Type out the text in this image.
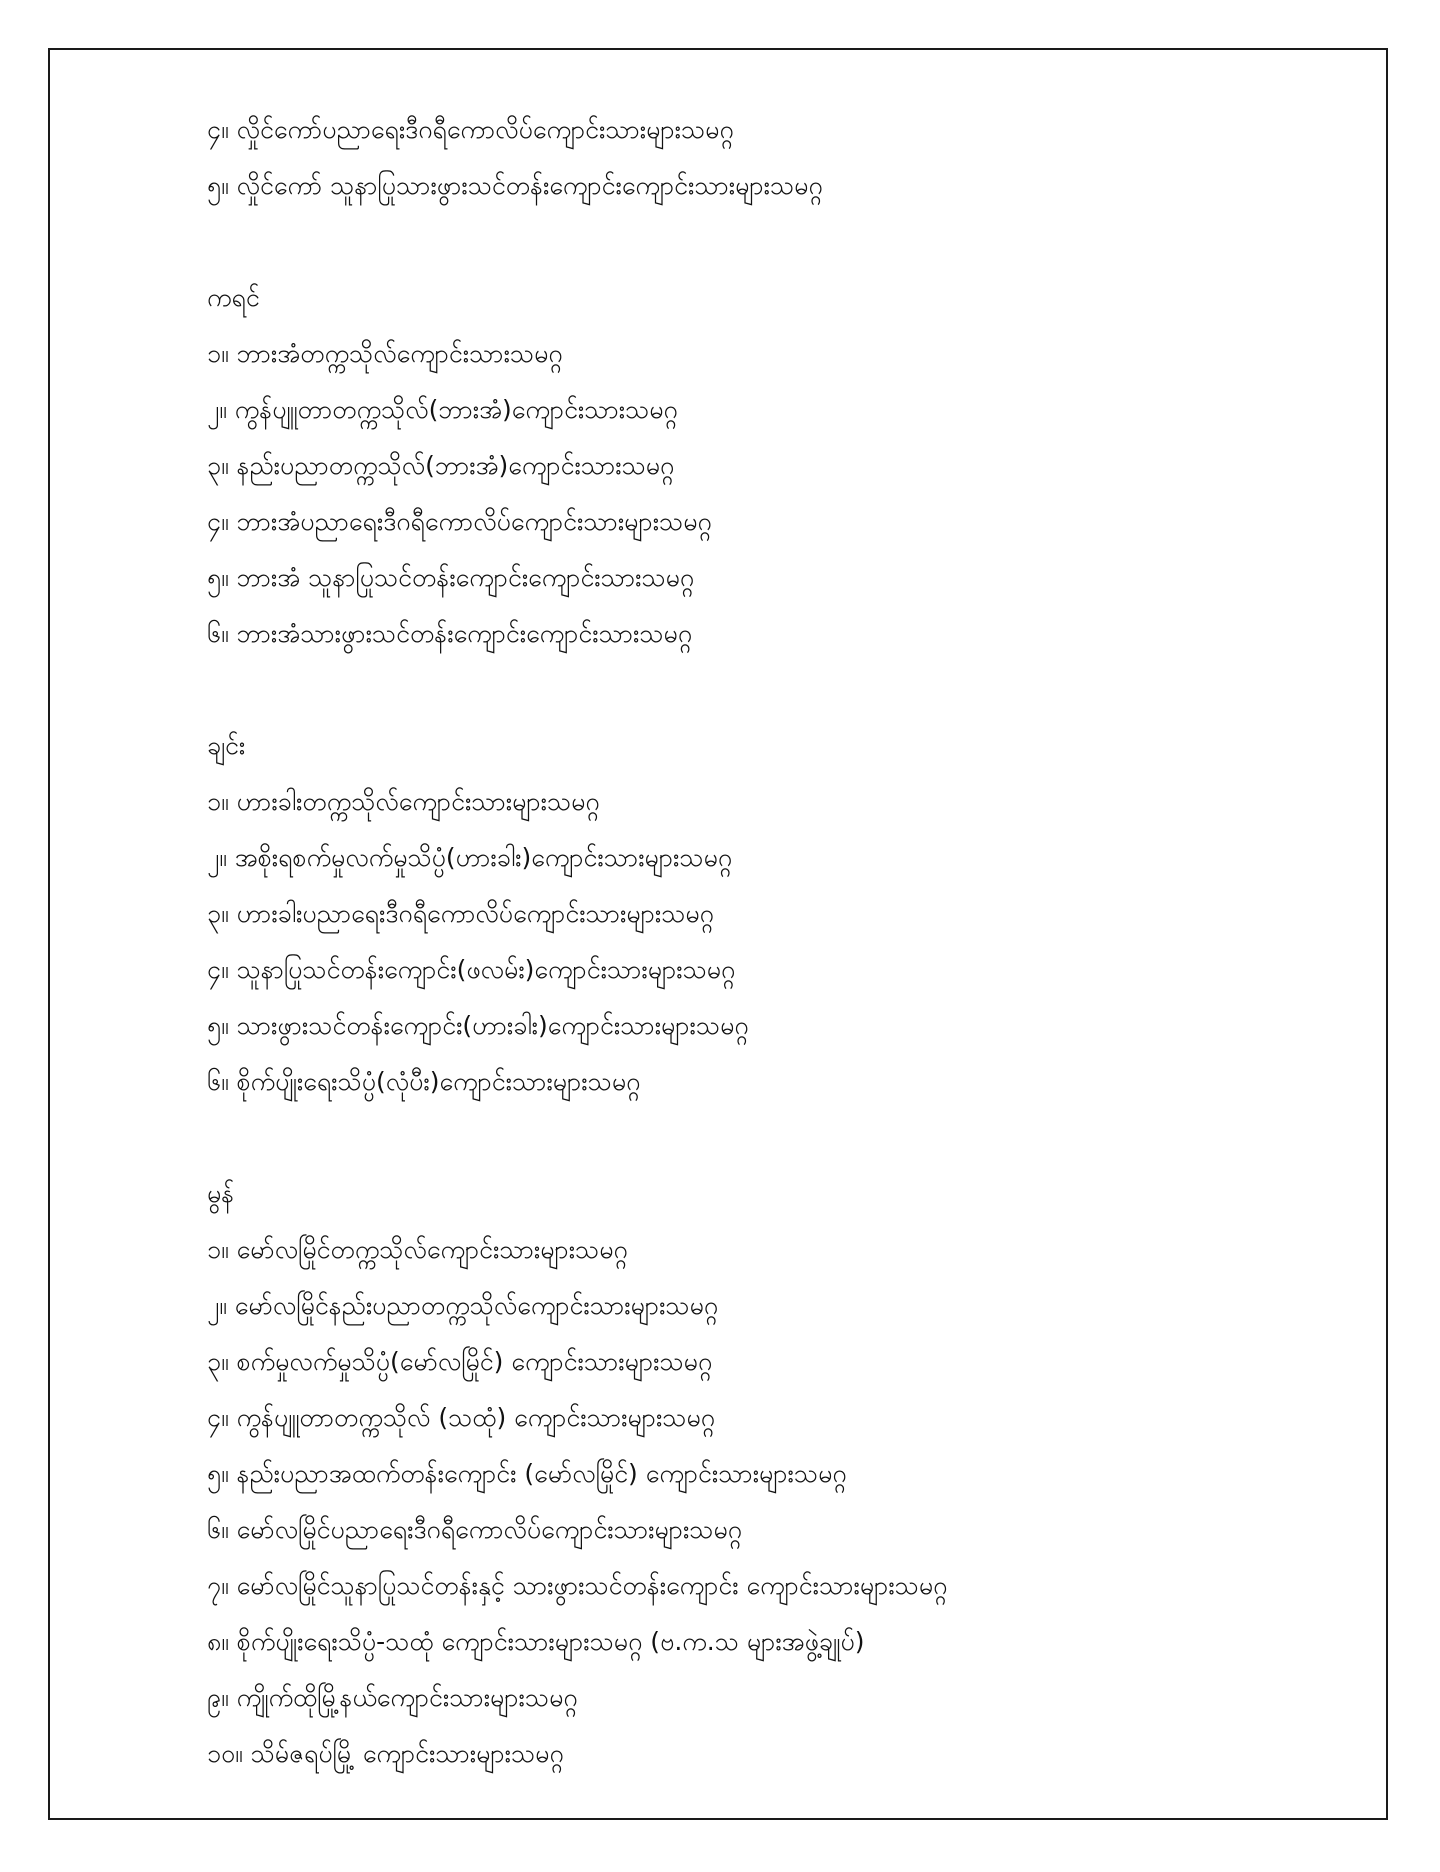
၄။ လှိုင်ကော်ပညာရေးဒီဂရီကောလိပ်ကျောင်းသားများသမဂ္ဂ
၅။ လှိုင်ကော် သူနာပြုသားဖွားသင်တန်းကျောင်းကျောင်းသားများသမဂ္ဂ
ကရင်
၁။ ဘားအံတက္ကသိုလ်ကျောင်းသားသမဂ္ဂ
၂။ ကွန်ပျူတာတက္ကသိုလ်(ဘားအံ)ကျောင်းသားသမဂ္ဂ
၃။ နည်းပညာတက္ကသိုလ်(ဘားအံ)ကျောင်းသားသမဂ္ဂ
၄။ ဘားအံပညာရေးဒီဂရီကောလိပ်ကျောင်းသားများသမဂ္ဂ
၅။ ဘားအံ သူနာပြုသင်တန်းကျောင်းကျောင်းသားသမဂ္ဂ
၆။ ဘားအံသားဖွားသင်တန်းကျောင်းကျောင်းသားသမဂ္ဂ
ချင်း
၁။ ဟားခါးတက္ကသိုလ်ကျောင်းသားများသမဂ္ဂ
၂။ အစိုးရစက်မှုလက်မှုသိပ္ပံ(ဟားခါး)ကျောင်းသားများသမဂ္ဂ
၃။ ဟားခါးပညာရေးဒီဂရီကောလိပ်ကျောင်းသားများသမဂ္ဂ
၄။ သူနာပြုသင်တန်းကျောင်း(ဖလမ်း)ကျောင်းသားများသမဂ္ဂ
၅။ သားဖွားသင်တန်းကျောင်း(ဟားခါး)ကျောင်းသားများသမဂ္ဂ
၆။ စိုက်ပျိုးရေးသိပ္ပံ(လုံပီး)ကျောင်းသားများသမဂ္ဂ
မွန်
၁။ မော်လမြိုင်တက္ကသိုလ်ကျောင်းသားများသမဂ္ဂ
၂။ မော်လမြိုင်နည်းပညာတက္ကသိုလ်ကျောင်းသားများသမဂ္ဂ
၃။ စက်မှုလက်မှုသိပ္ပံ(မော်လမြိုင်) ကျောင်းသားများသမဂ္ဂ
၄။ ကွန်ပျူတာတက္ကသိုလ် (သထုံ) ကျောင်းသားများသမဂ္ဂ
၅။ နည်းပညာအထက်တန်းကျောင်း (မော်လမြိုင်) ကျောင်းသားများသမဂ္ဂ
၆။ မော်လမြိုင်ပညာရေးဒီဂရီကောလိပ်ကျောင်းသားများသမဂ္ဂ
၇။ မော်လမြိုင်သူနာပြုသင်တန်းနှင့် သားဖွားသင်တန်းကျောင်း ကျောင်းသားများသမဂ္ဂ
၈။ စိုက်ပျိုးရေးသိပ္ပံ-သထုံ ကျောင်းသားများသမဂ္ဂ (ဗ.က.သ များအဖွဲ့ချုပ်)
၉။ ကျိုက်ထိုမြို့နယ်ကျောင်းသားများသမဂ္ဂ
၁၀။ သိမ်ဇရပ်မြို့ ကျောင်းသားများသမဂ္ဂ
